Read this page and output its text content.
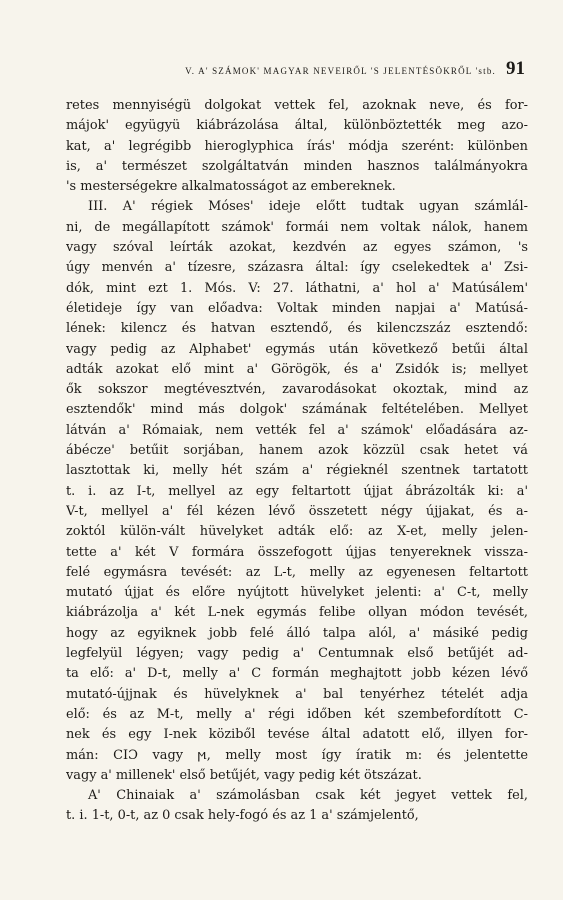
V. A' SZÁMOK' MAGYAR NEVEIRŐL 'S JELENTÉSÖKRŐL 'stb. 91
retes mennyiségü dolgokat vettek fel, azoknak neve, és for-
májok' együgyü kiábrázolása által, különböztették meg azo-
kat, a' legrégibb hieroglyphica írás' módja szerént: különben
is, a' természet szolgáltatván minden hasznos találmányokra
's mesterségekre alkalmatosságot az embereknek.
III. A' régiek Móses' ideje előtt tudtak ugyan számlál-
ni, de megállapított számok' formái nem voltak nálok, hanem
vagy szóval leírták azokat, kezdvén az egyes számon, 's
úgy menvén a' tízesre, százasra által: így cselekedtek a' Zsi-
dók, mint ezt 1. Mós. V: 27. láthatni, a' hol a' Matúsálem'
életideje így van előadva: Voltak minden napjai a' Matúsá-
lének: kilencz és hatvan esztendő, és kilenczszáz esztendő:
vagy pedig az Alphabet' egymás után következő betűi által
adták azokat elő mint a' Görögök, és a' Zsidók is; mellyet
ők sokszor megtévesztvén, zavarodásokat okoztak, mind az
esztendők' mind más dolgok' számának feltételében. Mellyet
látván a' Rómaiak, nem vették fel a' számok' előadására az-
ábécze' betűit sorjában, hanem azok közzül csak hetet vá
lasztottak ki, melly hét szám a' régieknél szentnek tartatott
t. i. az I-t, mellyel az egy feltartott újjat ábrázolták ki: a'
V-t, mellyel a' fél kézen lévő összetett négy újjakat, és a-
zoktól külön-vált hüvelyket adták elő: az X-et, melly jelen-
tette a' két V formára összefogott újjas tenyereknek vissza-
felé egymásra tevését: az L-t, melly az egyenesen feltartott
mutató újjat és előre nyújtott hüvelyket jelenti: a' C-t, melly
kiábrázolja a' két L-nek egymás felibe ollyan módon tevését,
hogy az egyiknek jobb felé álló talpa alól, a' másiké pedig
legfelyül légyen; vagy pedig a' Centumnak első betűjét ad-
ta elő: a' D-t, melly a' C formán meghajtott jobb kézen lévő
mutató-újjnak és hüvelyknek a' bal tenyérhez tételét adja
elő: és az M-t, melly a' régi időben két szembefordított C-
nek és egy I-nek köziből tevése által adatott elő, illyen for-
mán: CIƆ vagy ϻ, melly most így íratik m: és jelentette
vagy a' millenek' első betűjét, vagy pedig két ötszázat.
A' Chinaiak a' számolásban csak két jegyet vettek fel,
t. i. 1-t, 0-t, az 0 csak hely-fogó és az 1 a' számjelentő,
